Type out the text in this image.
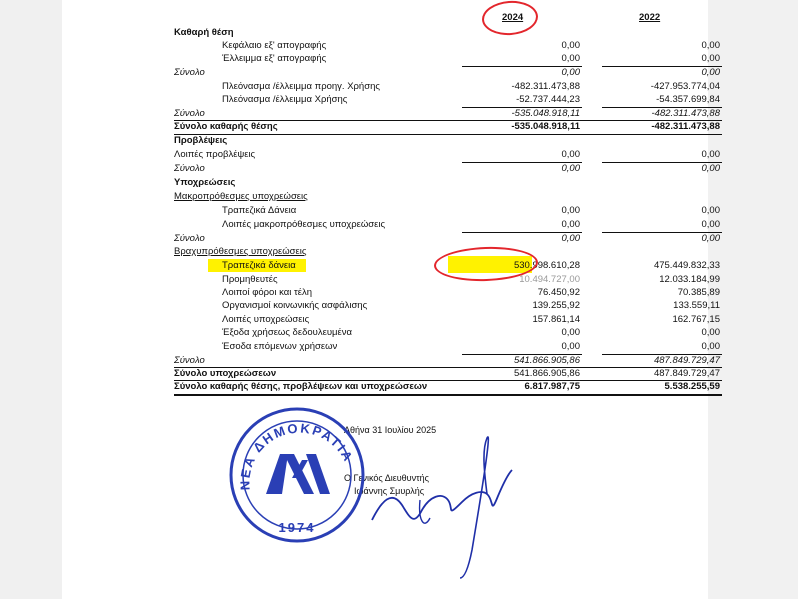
2024	2022
Καθαρή θέση
Κεφάλαιο εξ' απογραφής	0,00	0,00
Έλλειμμα εξ' απογραφής	0,00	0,00
Σύνολο	0,00	0,00
Πλεόνασμα /έλλειμμα προηγ. Χρήσης	-482.311.473,88	-427.953.774,04
Πλεόνασμα /έλλειμμα Χρήσης	-52.737.444,23	-54.357.699,84
Σύνολο	-535.048.918,11	-482.311.473,88
Σύνολο καθαρής θέσης	-535.048.918,11	-482.311.473,88
Προβλέψεις
Λοιπές προβλέψεις	0,00	0,00
Σύνολο	0,00	0,00
Υποχρεώσεις
Μακροπρόθεσμες υποχρεώσεις
Τραπεζικά Δάνεια	0,00	0,00
Λοιπές μακροπρόθεσμες υποχρεώσεις	0,00	0,00
Σύνολο	0,00	0,00
Βραχυπρόθεσμες υποχρεώσεις
Τραπεζικά δάνεια	530.998.610,28	475.449.832,33
Προμηθευτές	10.494.727,00	12.033.184,99
Λοιποί φόροι και τέλη	76.450,92	70.385,89
Οργανισμοί κοινωνικής ασφάλισης	139.255,92	133.559,11
Λοιπές υποχρεώσεις	157.861,14	162.767,15
Έξοδα χρήσεως δεδουλευμένα	0,00	0,00
Έσοδα επόμενων χρήσεων	0,00	0,00
Σύνολο	541.866.905,86	487.849.729,47
Σύνολο υποχρεώσεων	541.866.905,86	487.849.729,47
Σύνολο καθαρής θέσης, προβλέψεων και υποχρεώσεων	6.817.987,75	5.538.255,59
Αθήνα 31 Ιουλίου 2025
Ο Γενικός Διευθυντής
Ιωάννης Σμυρλής
ΝΕΑ ΔΗΜΟΚΡΑΤΙΑ
1974
